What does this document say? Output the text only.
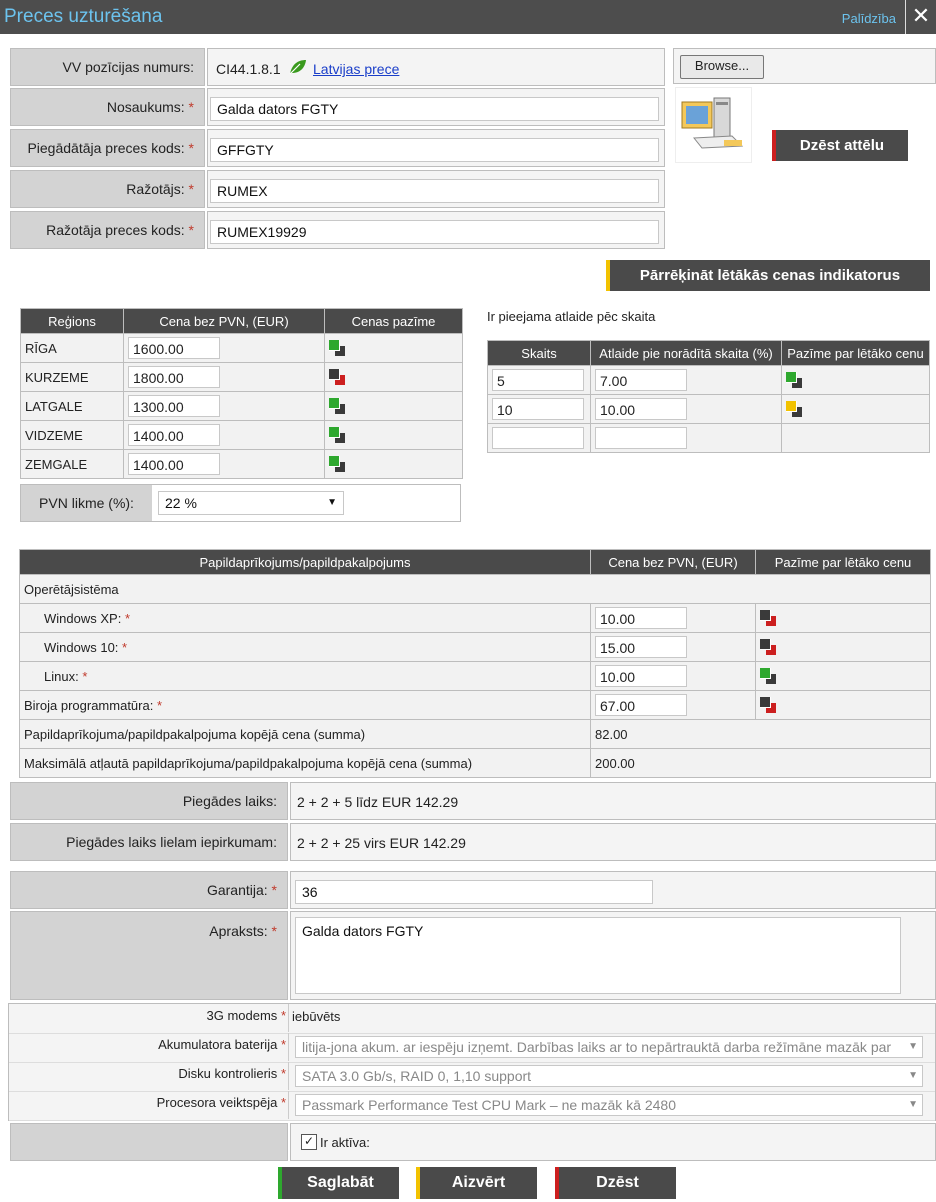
Preces uzturēšana	Palīdzība ✕
VV pozīcijas numurs:	CI44.1.8.1 Latvijas prece
Nosaukums: *	Galda dators FGTY
Piegādātāja preces kods: *	GFFGTY
Ražotājs: *	RUMEX
Ražotāja preces kods: *	RUMEX19929
Browse...
Dzēst attēlu
Pārrēķināt lētākās cenas indikatorus
Reģions	Cena bez PVN, (EUR)	Cenas pazīme
RĪGA	1600.00	

KURZEME	1800.00	

LATGALE	1300.00	

VIDZEME	1400.00	

ZEMGALE	1400.00	
PVN likme (%):	22 %	▼
Ir pieejama atlaide pēc skaita
Skaits	Atlaide pie norādītā skaita (%)	Pazīme par lētāko cenu
5	7.00	

10	10.00	

Papildaprīkojums/papildpakalpojums	Cena bez PVN, (EUR)	Pazīme par lētāko cenu
Operētājsistēma		
Windows XP: *	10.00	

Windows 10: *	15.00	

Linux: *	10.00	

Biroja programmatūra: *	67.00	

Papildaprīkojuma/papildpakalpojuma kopējā cena (summa)	82.00	
Maksimālā atļautā papildaprīkojuma/papildpakalpojuma kopējā cena (summa)	200.00	
Piegādes laiks:	2 + 2 + 5 līdz EUR 142.29
Piegādes laiks lielam iepirkumam:	2 + 2 + 25 virs EUR 142.29
Garantija: *	36
Apraksts: *	Galda dators FGTY
3G modems * iebūvēts
Akumulatora baterija *	litija-jona akum. ar iespēju izņemt. Darbības laiks ar to nepārtrauktā darba režīmāne mazāk par ▼
Disku kontrolieris *	SATA 3.0 Gb/s, RAID 0, 1,10 support	▼
Procesora veiktspēja *	Passmark Performance Test CPU Mark – ne mazāk kā 2480	▼
✓ Ir aktīva:
Saglabāt	Aizvērt	Dzēst
